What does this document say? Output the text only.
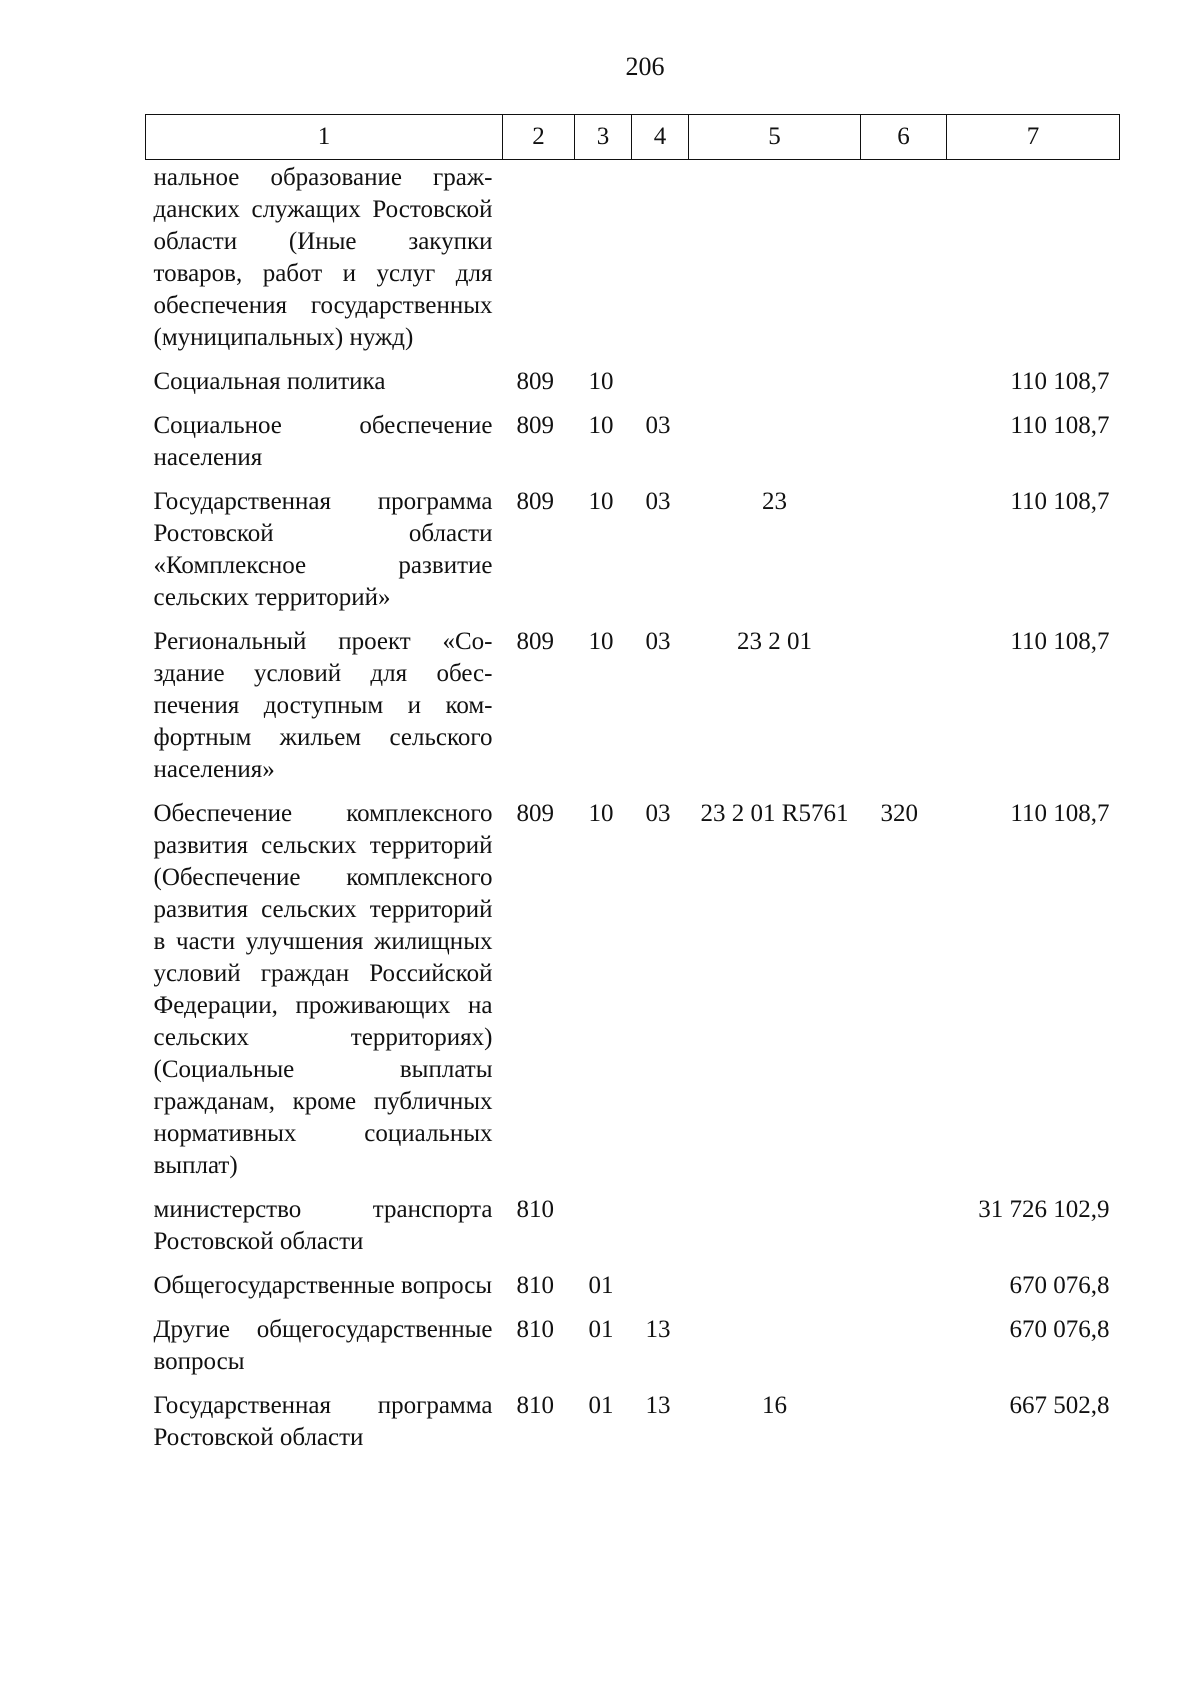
206
1	2	3	4	5	6	7
нальное образование гражданских служащих Ростовской области (Иные закупки товаров, работ и услуг для обеспечения государственных (муниципальных) нужд)						
Социальная политика	809	10				110 108,7
Социальное обеспечение населения	809	10	03			110 108,7
Государственная программа Ростовской области «Комплексное развитие сельских территорий»	809	10	03	23		110 108,7
Региональный проект «Создание условий для обеспечения доступным и комфортным жильем сельского населения»	809	10	03	23 2 01		110 108,7
Обеспечение комплексного развития сельских территорий (Обеспечение комплексного развития сельских территорий в части улучшения жилищных условий граждан Российской Федерации, проживающих на сельских территориях) (Социальные выплаты гражданам, кроме публичных нормативных социальных выплат)	809	10	03	23 2 01 R5761	320	110 108,7
министерство транспорта Ростовской области	810					31 726 102,9
Общегосударственные вопросы	810	01				670 076,8
Другие общегосударственные вопросы	810	01	13			670 076,8
Государственная программа Ростовской области	810	01	13	16		667 502,8
